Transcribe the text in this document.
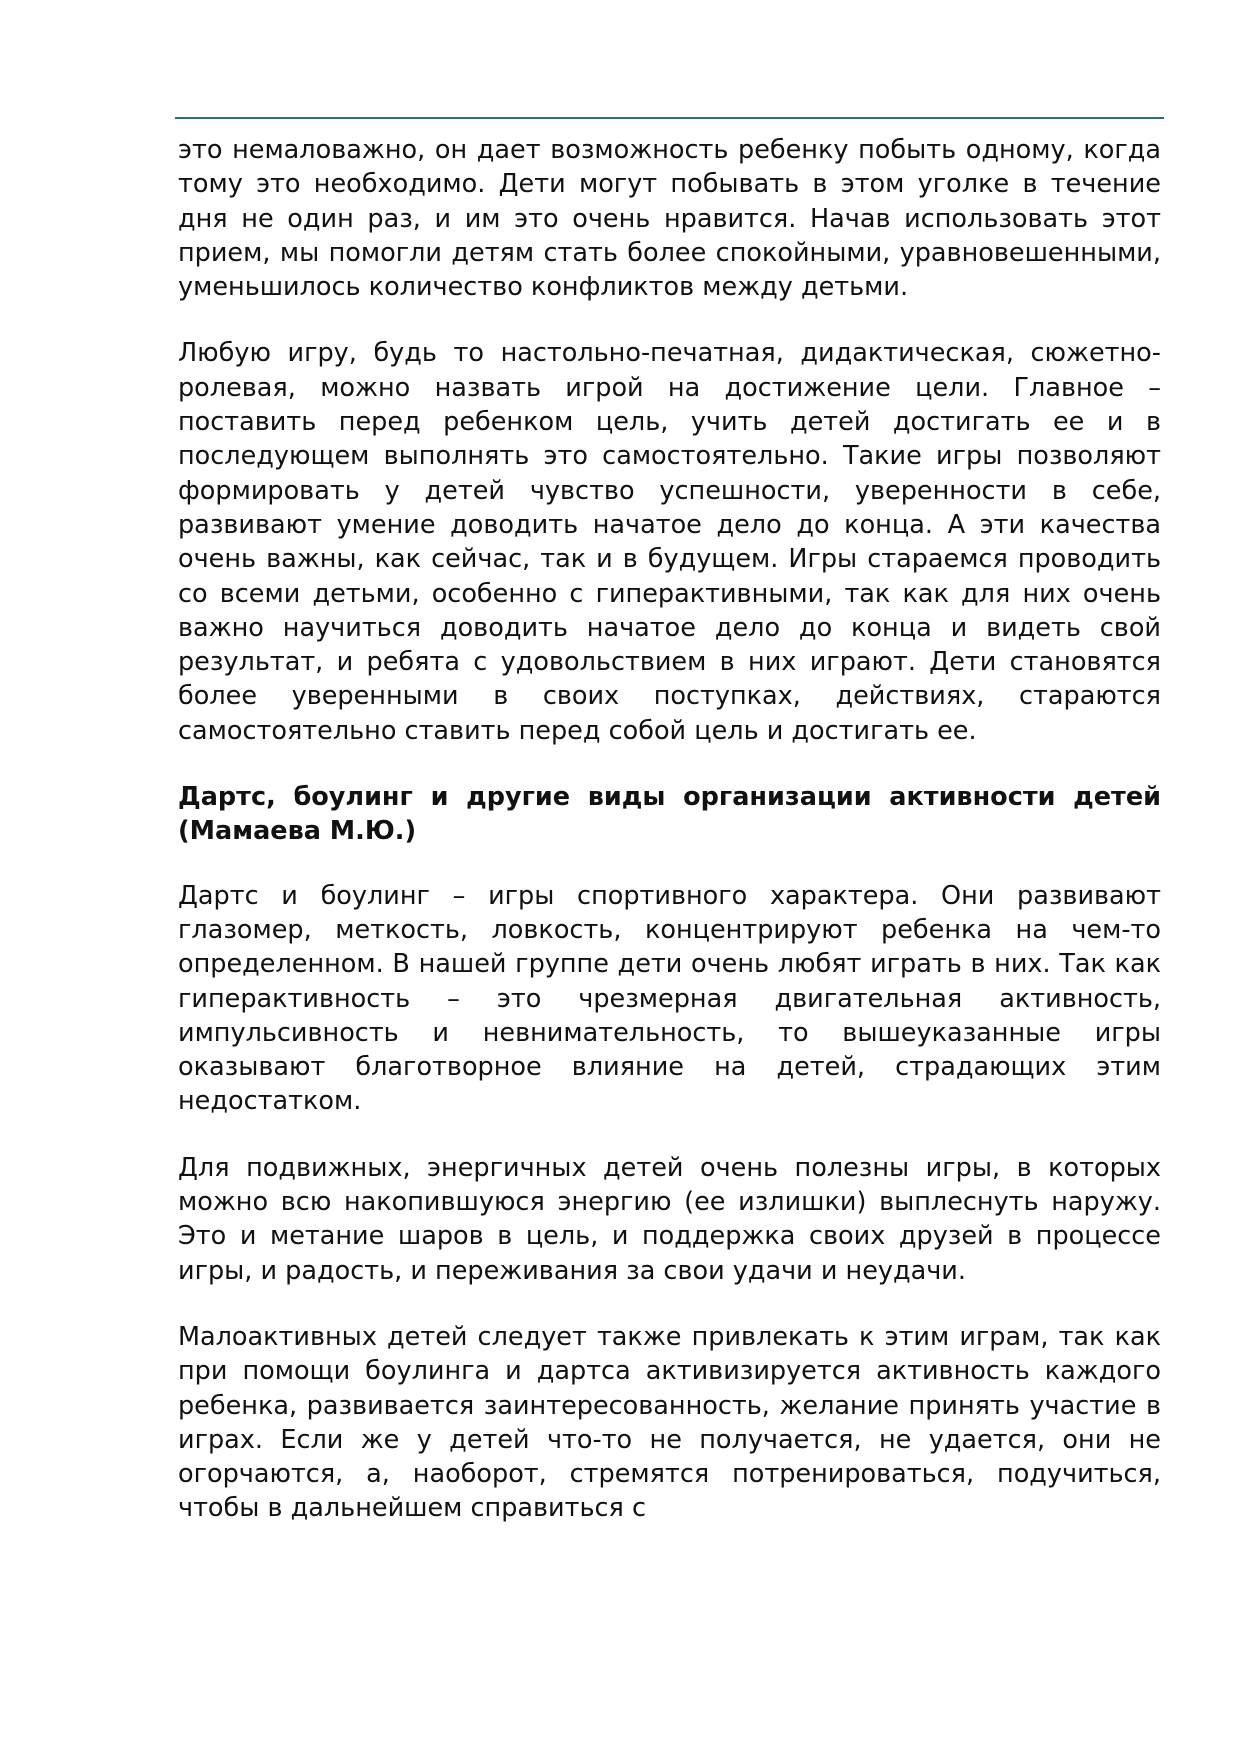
это немаловажно, он дает возможность ребенку побыть одному, когда тому это необходимо. Дети могут побывать в этом уголке в течение дня не один раз, и им это очень нравится. Начав использовать этот прием, мы помогли детям стать более спокойными, уравновешенными, уменьшилось количество конфликтов между детьми.

Любую игру, будь то настольно-печатная, дидактическая, сюжетно-ролевая, можно назвать игрой на достижение цели. Главное – поставить перед ребенком цель, учить детей достигать ее и в последующем выполнять это самостоятельно. Такие игры позволяют формировать у детей чувство успешности, уверенности в себе, развивают умение доводить начатое дело до конца. А эти качества очень важны, как сейчас, так и в будущем. Игры стараемся проводить со всеми детьми, особенно с гиперактивными, так как для них очень важно научиться доводить начатое дело до конца и видеть свой результат, и ребята с удовольствием в них играют. Дети становятся более уверенными в своих поступках, действиях, стараются самостоятельно ставить перед собой цель и достигать ее.

Дартс, боулинг и другие виды организации активности детей (Мамаева М.Ю.)

Дартс и боулинг – игры спортивного характера. Они развивают глазомер, меткость, ловкость, концентрируют ребенка на чем-то определенном. В нашей группе дети очень любят играть в них. Так как гиперактивность – это чрезмерная двигательная активность, импульсивность и невнимательность, то вышеуказанные игры оказывают благотворное влияние на детей, страдающих этим недостатком.

Для подвижных, энергичных детей очень полезны игры, в которых можно всю накопившуюся энергию (ее излишки) выплеснуть наружу. Это и метание шаров в цель, и поддержка своих друзей в процессе игры, и радость, и переживания за свои удачи и неудачи.

Малоактивных детей следует также привлекать к этим играм, так как при помощи боулинга и дартса активизируется активность каждого ребенка, развивается заинтересованность, желание принять участие в играх. Если же у детей что-то не получается, не удается, они не огорчаются, а, наоборот, стремятся потренироваться, подучиться, чтобы в дальнейшем справиться с
